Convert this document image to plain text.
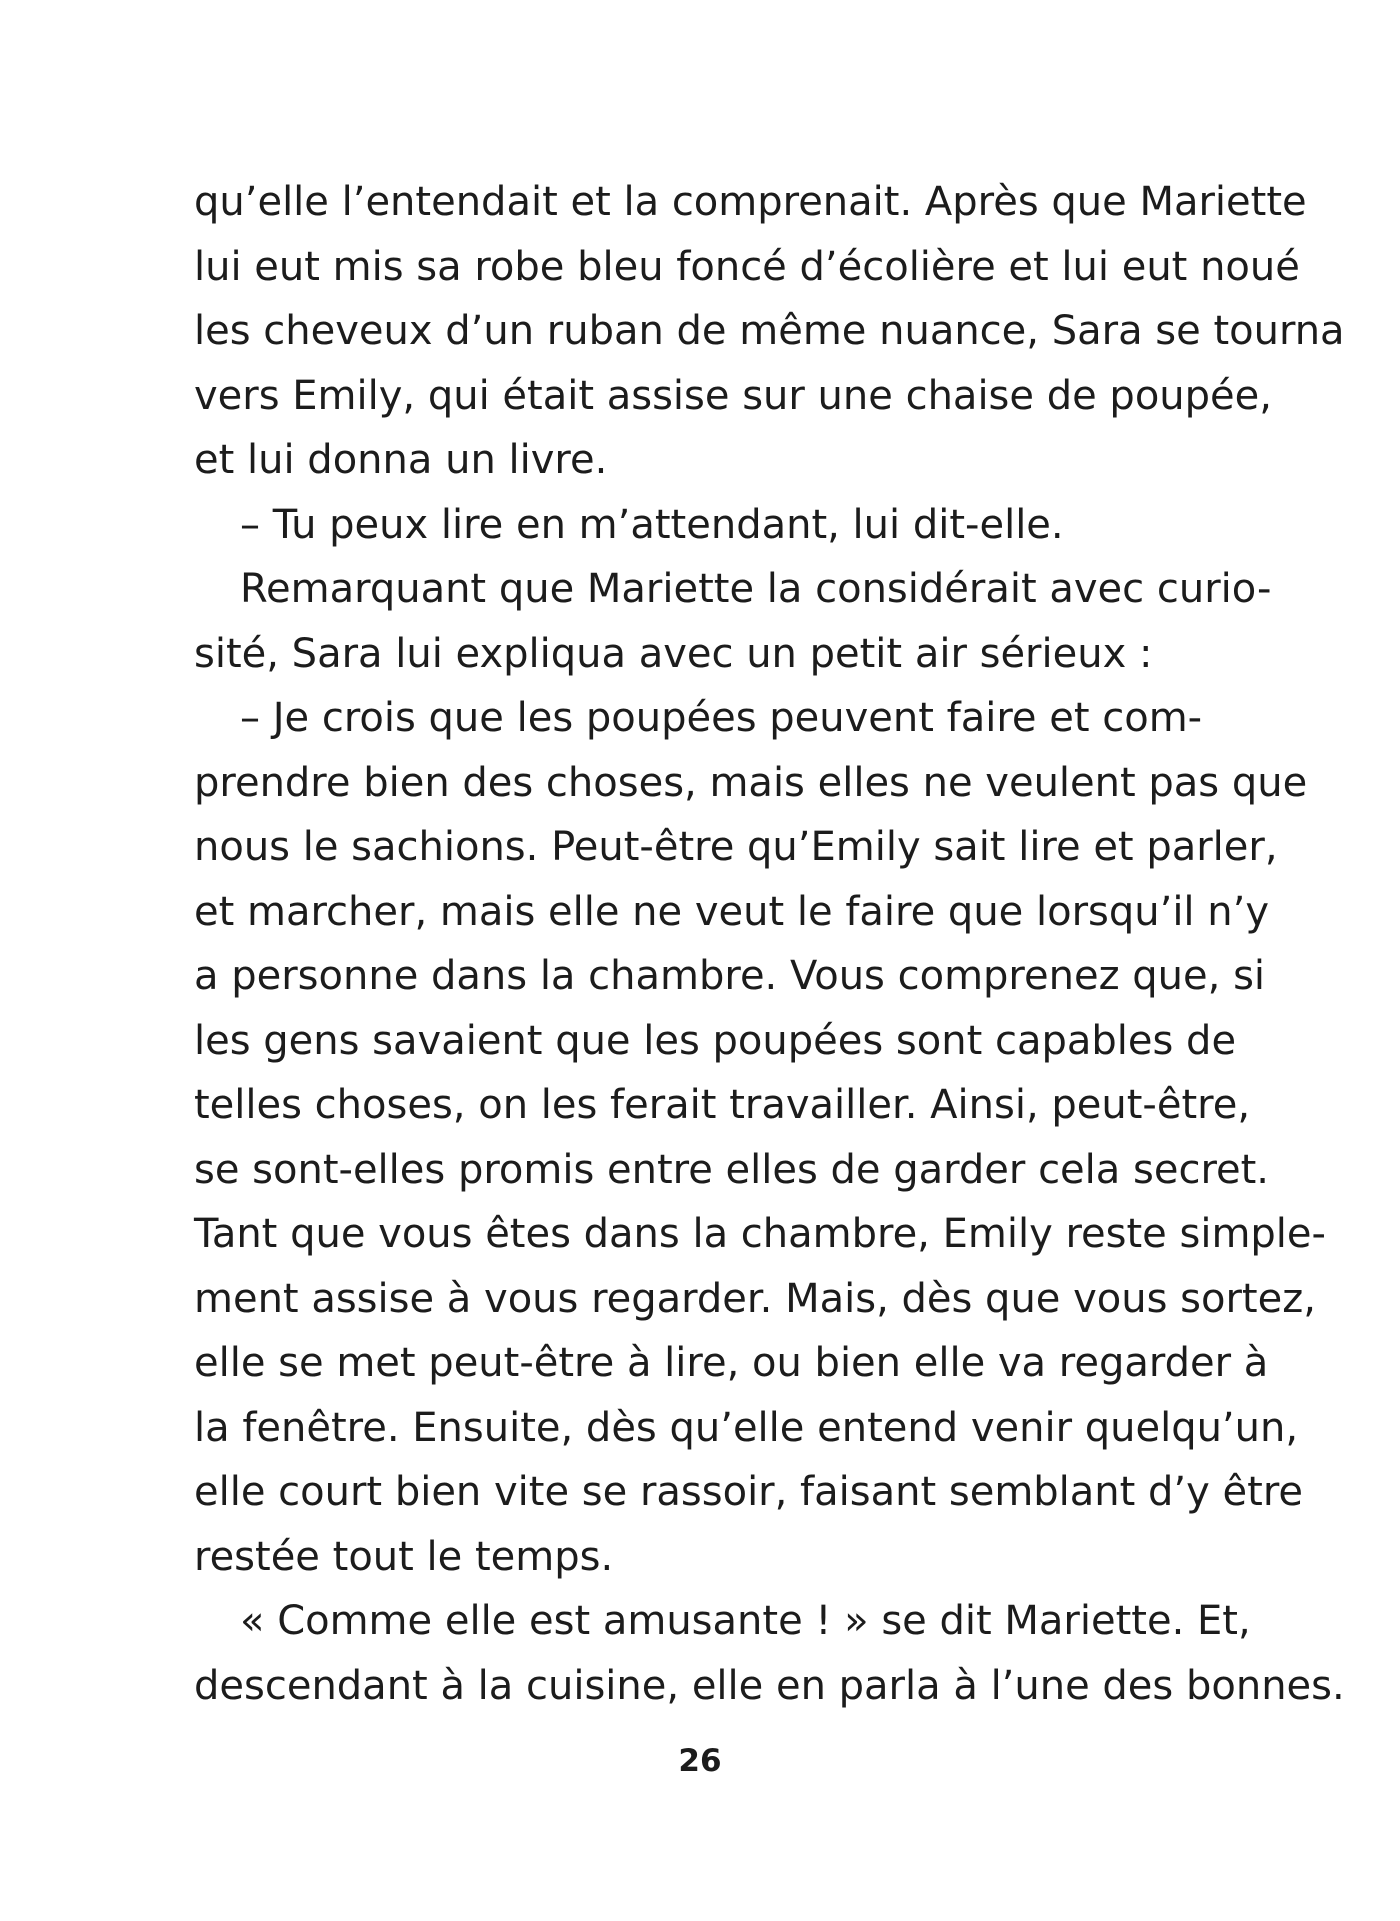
qu’elle l’entendait et la comprenait. Après que Mariette
lui eut mis sa robe bleu foncé d’écolière et lui eut noué
les cheveux d’un ruban de même nuance, Sara se tourna
vers Emily, qui était assise sur une chaise de poupée,
et lui donna un livre.
– Tu peux lire en m’attendant, lui dit-elle.
Remarquant que Mariette la considérait avec curio-
sité, Sara lui expliqua avec un petit air sérieux :
– Je crois que les poupées peuvent faire et com-
prendre bien des choses, mais elles ne veulent pas que
nous le sachions. Peut-être qu’Emily sait lire et parler,
et marcher, mais elle ne veut le faire que lorsqu’il n’y
a personne dans la chambre. Vous comprenez que, si
les gens savaient que les poupées sont capables de
telles choses, on les ferait travailler. Ainsi, peut-être,
se sont-elles promis entre elles de garder cela secret.
Tant que vous êtes dans la chambre, Emily reste simple-
ment assise à vous regarder. Mais, dès que vous sortez,
elle se met peut-être à lire, ou bien elle va regarder à
la fenêtre. Ensuite, dès qu’elle entend venir quelqu’un,
elle court bien vite se rassoir, faisant semblant d’y être
restée tout le temps.
« Comme elle est amusante ! » se dit Mariette. Et,
descendant à la cuisine, elle en parla à l’une des bonnes.
26
